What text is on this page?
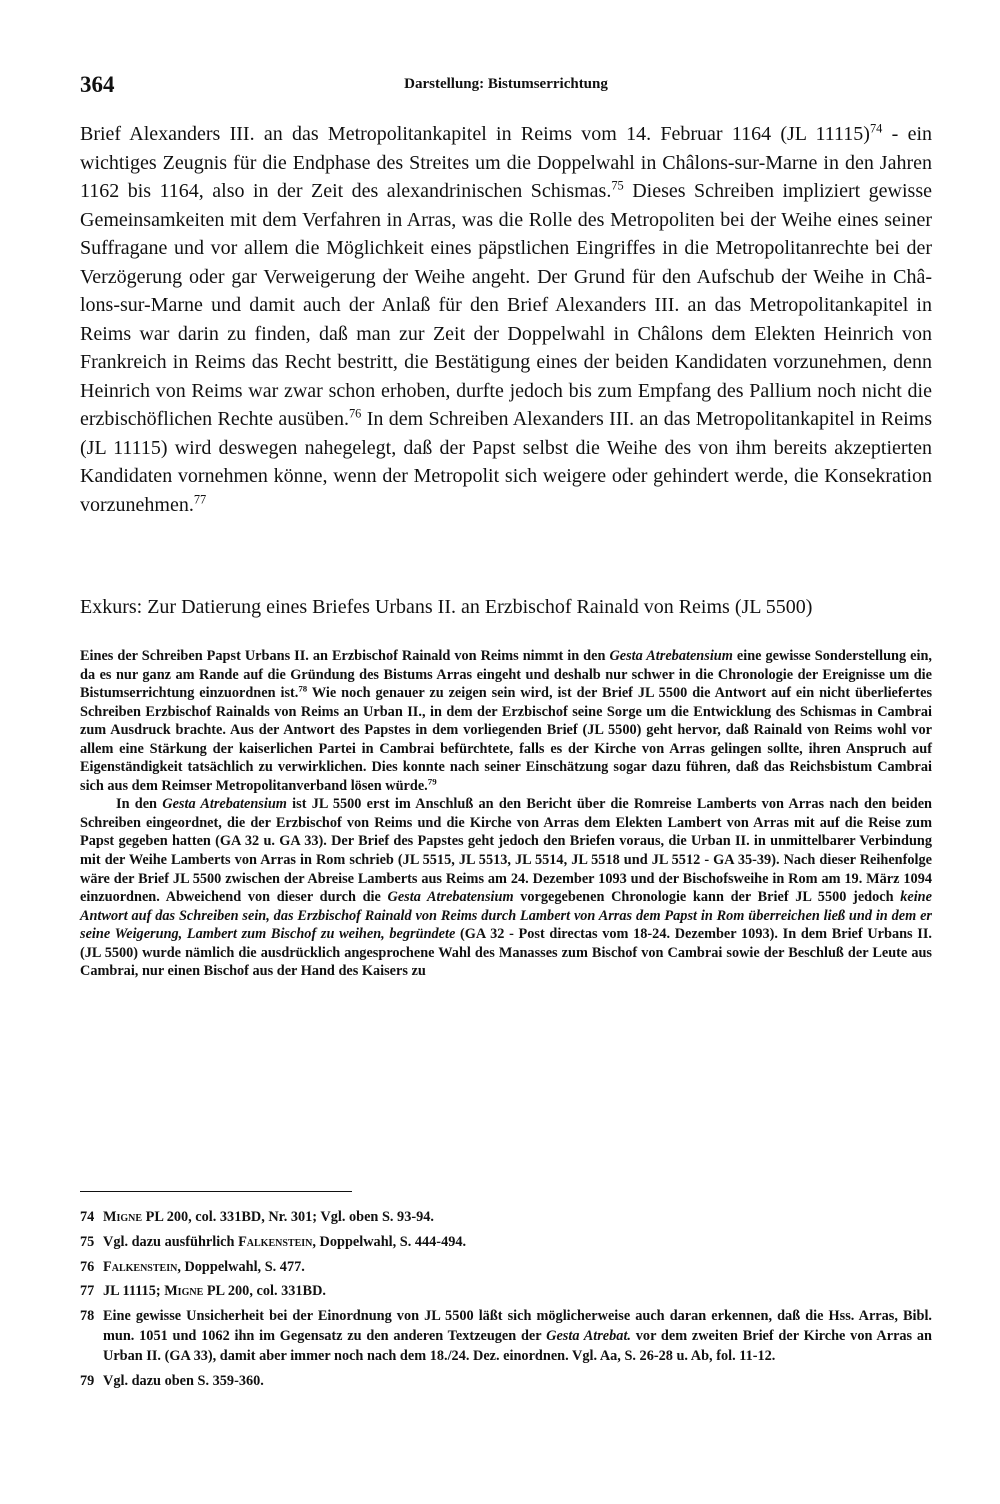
364	Darstellung: Bistumserrichtung

Brief Alexanders III. an das Metropolitankapitel in Reims vom 14. Februar 1164 (JL 11115)$^{74}$ - ein wichtiges Zeugnis für die Endphase des Streites um die Doppelwahl in Châlons-sur-Marne in den Jahren 1162 bis 1164, also in der Zeit des alexandrinischen Schismas.$^{75}$ Dieses Schreiben impliziert gewisse Gemeinsamkeiten mit dem Verfahren in Arras, was die Rolle des Metropoliten bei der Weihe eines seiner Suffragane und vor allem die Möglichkeit eines päpstlichen Eingriffes in die Metropolitanrechte bei der Verzögerung oder gar Verweigerung der Weihe angeht. Der Grund für den Aufschub der Weihe in Châlons-sur-Marne und damit auch der Anlaß für den Brief Alexanders III. an das Metropolitankapitel in Reims war darin zu finden, daß man zur Zeit der Doppelwahl in Châlons dem Elekten Heinrich von Frankreich in Reims das Recht bestritt, die Bestätigung eines der beiden Kandidaten vorzunehmen, denn Heinrich von Reims war zwar schon erhoben, durfte jedoch bis zum Empfang des Pallium noch nicht die erzbischöflichen Rechte ausüben.$^{76}$ In dem Schreiben Alexanders III. an das Metropolitankapitel in Reims (JL 11115) wird deswegen nahegelegt, daß der Papst selbst die Weihe des von ihm bereits akzeptierten Kandidaten vornehmen könne, wenn der Metropolit sich weigere oder gehindert werde, die Konsekration vorzunehmen.$^{77}$

Exkurs: Zur Datierung eines Briefes Urbans II. an Erzbischof Rainald von Reims (JL 5500)

Eines der Schreiben Papst Urbans II. an Erzbischof Rainald von Reims nimmt in den Gesta Atrebatensium eine gewisse Sonderstellung ein, da es nur ganz am Rande auf die Gründung des Bistums Arras eingeht und deshalb nur schwer in die Chronologie der Ereignisse um die Bistumserrichtung einzuordnen ist.$^{78}$ Wie noch genauer zu zeigen sein wird, ist der Brief JL 5500 die Antwort auf ein nicht überliefertes Schreiben Erzbischof Rainalds von Reims an Urban II., in dem der Erzbischof seine Sorge um die Entwicklung des Schismas in Cambrai zum Ausdruck brachte. Aus der Antwort des Papstes in dem vorliegenden Brief (JL 5500) geht hervor, daß Rainald von Reims wohl vor allem eine Stärkung der kaiserlichen Partei in Cambrai befürchtete, falls es der Kirche von Arras gelingen sollte, ihren Anspruch auf Eigenständigkeit tatsächlich zu verwirklichen. Dies konnte nach seiner Einschätzung sogar dazu führen, daß das Reichsbistum Cambrai sich aus dem Reimser Metropolitanverband lösen würde.$^{79}$

In den Gesta Atrebatensium ist JL 5500 erst im Anschluß an den Bericht über die Romreise Lamberts von Arras nach den beiden Schreiben eingeordnet, die der Erzbischof von Reims und die Kirche von Arras dem Elekten Lambert von Arras mit auf die Reise zum Papst gegeben hatten (GA 32 u. GA 33). Der Brief des Papstes geht jedoch den Briefen voraus, die Urban II. in unmittelbarer Verbindung mit der Weihe Lamberts von Arras in Rom schrieb (JL 5515, JL 5513, JL 5514, JL 5518 und JL 5512 - GA 35-39). Nach dieser Reihenfolge wäre der Brief JL 5500 zwischen der Abreise Lamberts aus Reims am 24. Dezember 1093 und der Bischofsweihe in Rom am 19. März 1094 einzuordnen. Abweichend von dieser durch die Gesta Atrebatensium vorgegebenen Chronologie kann der Brief JL 5500 jedoch keine Antwort auf das Schreiben sein, das Erzbischof Rainald von Reims durch Lambert von Arras dem Papst in Rom überreichen ließ und in dem er seine Weigerung, Lambert zum Bischof zu weihen, begründete (GA 32 - Post directas vom 18-24. Dezember 1093). In dem Brief Urbans II. (JL 5500) wurde nämlich die ausdrücklich angesprochene Wahl des Manasses zum Bischof von Cambrai sowie der Beschluß der Leute aus Cambrai, nur einen Bischof aus der Hand des Kaisers zu

74 Migne PL 200, col. 331BD, Nr. 301; Vgl. oben S. 93-94.
75 Vgl. dazu ausführlich Falkenstein, Doppelwahl, S. 444-494.
76 Falkenstein, Doppelwahl, S. 477.
77 JL 11115; Migne PL 200, col. 331BD.
78 Eine gewisse Unsicherheit bei der Einordnung von JL 5500 läßt sich möglicherweise auch daran erkennen, daß die Hss. Arras, Bibl. mun. 1051 und 1062 ihn im Gegensatz zu den anderen Textzeugen der Gesta Atrebat. vor dem zweiten Brief der Kirche von Arras an Urban II. (GA 33), damit aber immer noch nach dem 18./24. Dez. einordnen. Vgl. Aa, S. 26-28 u. Ab, fol. 11-12.
79 Vgl. dazu oben S. 359-360.
